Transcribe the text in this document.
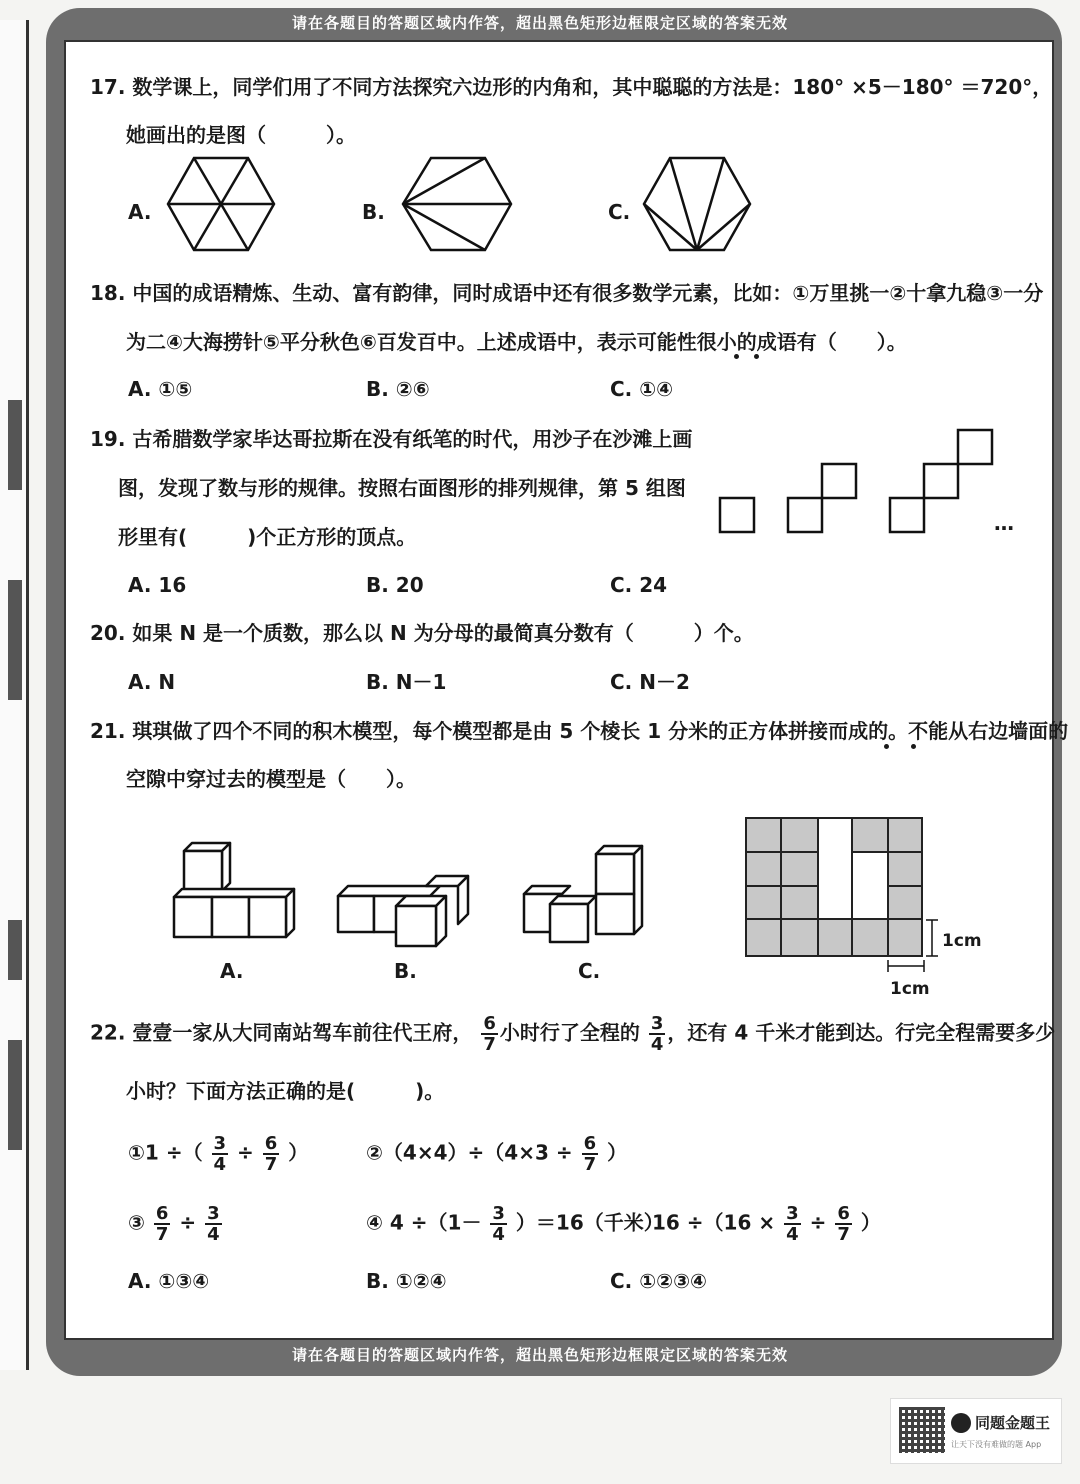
请在各题目的答题区域内作答，超出黑色矩形边框限定区域的答案无效
17. 数学课上，同学们用了不同方法探究六边形的内角和，其中聪聪的方法是：180° ×5－180° ＝720°，
她画出的是图（　　　）。
A.	B.	C.
18. 中国的成语精炼、生动、富有韵律，同时成语中还有很多数学元素，比如：①万里挑一②十拿九稳③一分
为二④大海捞针⑤平分秋色⑥百发百中。上述成语中，表示可能性很小的成语有（　　）。
A. ①⑤	B. ②⑥	C. ①④
19. 古希腊数学家毕达哥拉斯在没有纸笔的时代，用沙子在沙滩上画
图，发现了数与形的规律。按照右面图形的排列规律，第 5 组图
形里有(　　　)个正方形的顶点。
…
A. 16	B. 20	C. 24
20. 如果 N 是一个质数，那么以 N 为分母的最简真分数有（　　　）个。
A. N	B. N－1	C. N－2
21. 琪琪做了四个不同的积木模型，每个模型都是由 5 个棱长 1 分米的正方体拼接而成的。不能从右边墙面的
空隙中穿过去的模型是（　　）。
A.	B.	C.
1cm
1cm
22. 壹壹一家从大同南站驾车前往代王府， $\frac{6}{7}$ 小时行了全程的 $\frac{3}{4}$ ，还有 4 千米才能到达。行完全程需要多少
小时？下面方法正确的是(　　　)。
①1 ÷（ $\frac{3}{4} \div \frac{6}{7}$ ）	②（4×4）÷（4×3 ÷ $\frac{6}{7}$ ）
③ $\frac{6}{7} \div \frac{3}{4}$	④ $4 \div(1- \frac{3}{4} )=16$（千米）
$16 \div(16 \times \frac{3}{4} \div \frac{6}{7}$ ）
A. ①③④	B. ①②④	C. ①②③④
请在各题目的答题区域内作答，超出黑色矩形边框限定区域的答案无效
同题金题王
让天下没有难做的题 App
